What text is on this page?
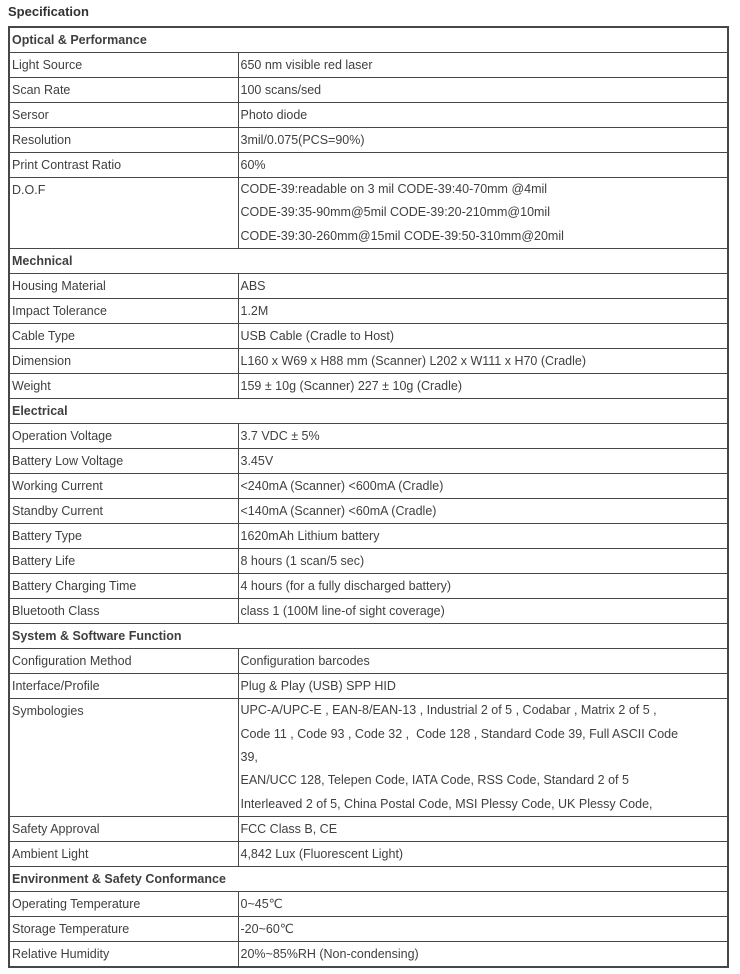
Specification
Optical & Performance	
Light Source	650 nm visible red laser

Scan Rate	100 scans/sed

Sersor	Photo diode

Resolution	3mil/0.075(PCS=90%)

Print Contrast Ratio	60%

D.O.F	CODE-39:readable on 3 mil CODE-39:40-70mm @4mil
CODE-39:35-90mm@5mil CODE-39:20-210mm@10mil
CODE-39:30-260mm@15mil CODE-39:50-310mm@20mil

Mechnical	
Housing Material	ABS

Impact Tolerance	1.2M

Cable Type	USB Cable (Cradle to Host)

Dimension	L160 x W69 x H88 mm (Scanner) L202 x W111 x H70 (Cradle)

Weight	159 ± 10g (Scanner) 227 ± 10g (Cradle)

Electrical	
Operation Voltage	3.7 VDC ± 5%

Battery Low Voltage	3.45V

Working Current	<240mA (Scanner) <600mA (Cradle)

Standby Current	<140mA (Scanner) <60mA (Cradle)

Battery Type	1620mAh Lithium battery

Battery Life	8 hours (1 scan/5 sec)

Battery Charging Time	4 hours (for a fully discharged battery)

Bluetooth Class	class 1 (100M line-of sight coverage)

System & Software Function	
Configuration Method	Configuration barcodes

Interface/Profile	Plug & Play (USB) SPP HID

Symbologies	UPC-A/UPC-E , EAN-8/EAN-13 , Industrial 2 of 5 , Codabar , Matrix 2 of 5 ,
Code 11 , Code 93 , Code 32 ,  Code 128 , Standard Code 39, Full ASCII Code
39,
EAN/UCC 128, Telepen Code, IATA Code, RSS Code, Standard 2 of 5
Interleaved 2 of 5, China Postal Code, MSI Plessy Code, UK Plessy Code,

Safety Approval	FCC Class B, CE

Ambient Light	4,842 Lux (Fluorescent Light)

Environment & Safety Conformance	
Operating Temperature	0~45℃

Storage Temperature	-20~60℃

Relative Humidity	20%~85%RH (Non-condensing)
